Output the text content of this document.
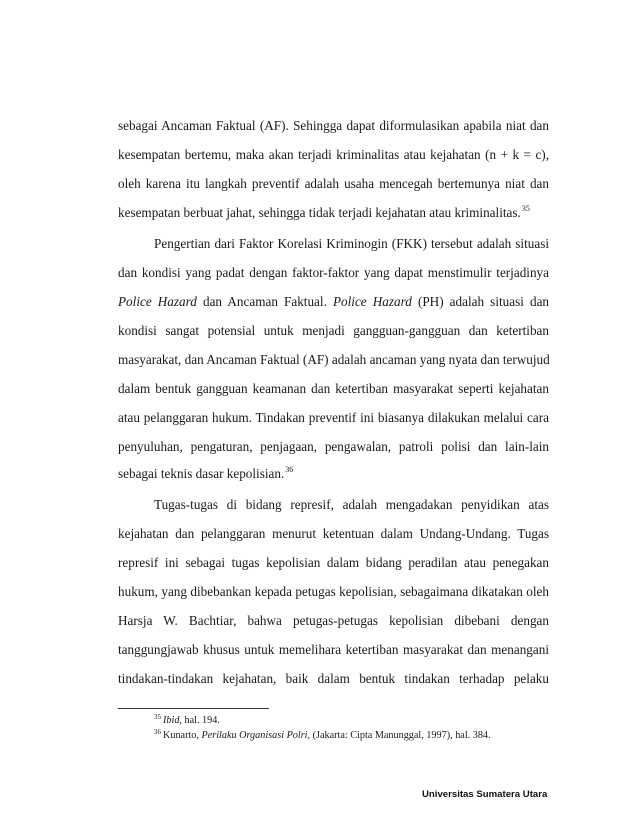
sebagai Ancaman Faktual (AF). Sehingga dapat diformulasikan apabila niat dan
kesempatan bertemu, maka akan terjadi kriminalitas atau kejahatan (n + k = c),
oleh karena itu langkah preventif adalah usaha mencegah bertemunya niat dan
kesempatan berbuat jahat, sehingga tidak terjadi kejahatan atau kriminalitas.$^{35}$
Pengertian dari Faktor Korelasi Kriminogin (FKK) tersebut adalah situasi
dan kondisi yang padat dengan faktor-faktor yang dapat menstimulir terjadinya
Police Hazard dan Ancaman Faktual. Police Hazard (PH) adalah situasi dan
kondisi sangat potensial untuk menjadi gangguan-gangguan dan ketertiban
masyarakat, dan Ancaman Faktual (AF) adalah ancaman yang nyata dan terwujud
dalam bentuk gangguan keamanan dan ketertiban masyarakat seperti kejahatan
atau pelanggaran hukum. Tindakan preventif ini biasanya dilakukan melalui cara
penyuluhan, pengaturan, penjagaan, pengawalan, patroli polisi dan lain-lain
sebagai teknis dasar kepolisian.$^{36}$
Tugas-tugas di bidang represif, adalah mengadakan penyidikan atas
kejahatan dan pelanggaran menurut ketentuan dalam Undang-Undang. Tugas
represif ini sebagai tugas kepolisian dalam bidang peradilan atau penegakan
hukum, yang dibebankan kepada petugas kepolisian, sebagaimana dikatakan oleh
Harsja W. Bachtiar, bahwa petugas-petugas kepolisian dibebani dengan
tanggungjawab khusus untuk memelihara ketertiban masyarakat dan menangani
tindakan-tindakan kejahatan, baik dalam bentuk tindakan terhadap pelaku
$^{35}$ Ibid, hal. 194.
$^{36}$ Kunarto, Perilaku Organisasi Polri, (Jakarta: Cipta Manunggal, 1997), hal. 384.
Universitas Sumatera Utara
